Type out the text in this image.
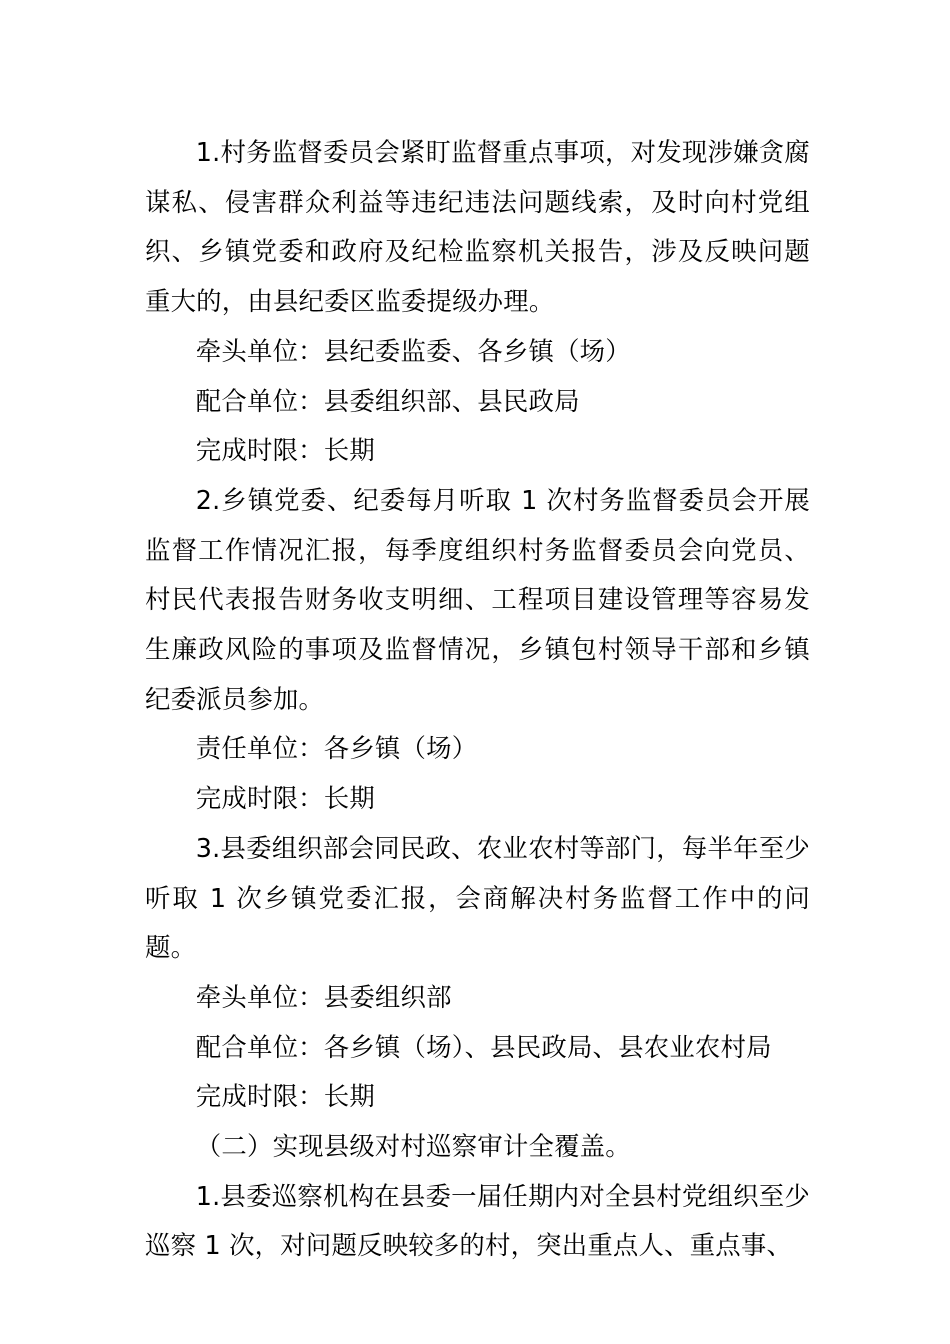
1.村务监督委员会紧盯监督重点事项，对发现涉嫌贪腐谋私、侵害群众利益等违纪违法问题线索，及时向村党组织、乡镇党委和政府及纪检监察机关报告，涉及反映问题重大的，由县纪委区监委提级办理。

牵头单位：县纪委监委、各乡镇（场）

配合单位：县委组织部、县民政局

完成时限：长期

2.乡镇党委、纪委每月听取 1 次村务监督委员会开展监督工作情况汇报，每季度组织村务监督委员会向党员、村民代表报告财务收支明细、工程项目建设管理等容易发生廉政风险的事项及监督情况，乡镇包村领导干部和乡镇纪委派员参加。

责任单位：各乡镇（场）

完成时限：长期

3.县委组织部会同民政、农业农村等部门，每半年至少听取 1 次乡镇党委汇报，会商解决村务监督工作中的问题。

牵头单位：县委组织部

配合单位：各乡镇（场）、县民政局、县农业农村局

完成时限：长期

（二）实现县级对村巡察审计全覆盖。

1.县委巡察机构在县委一届任期内对全县村党组织至少巡察 1 次，对问题反映较多的村，突出重点人、重点事、
